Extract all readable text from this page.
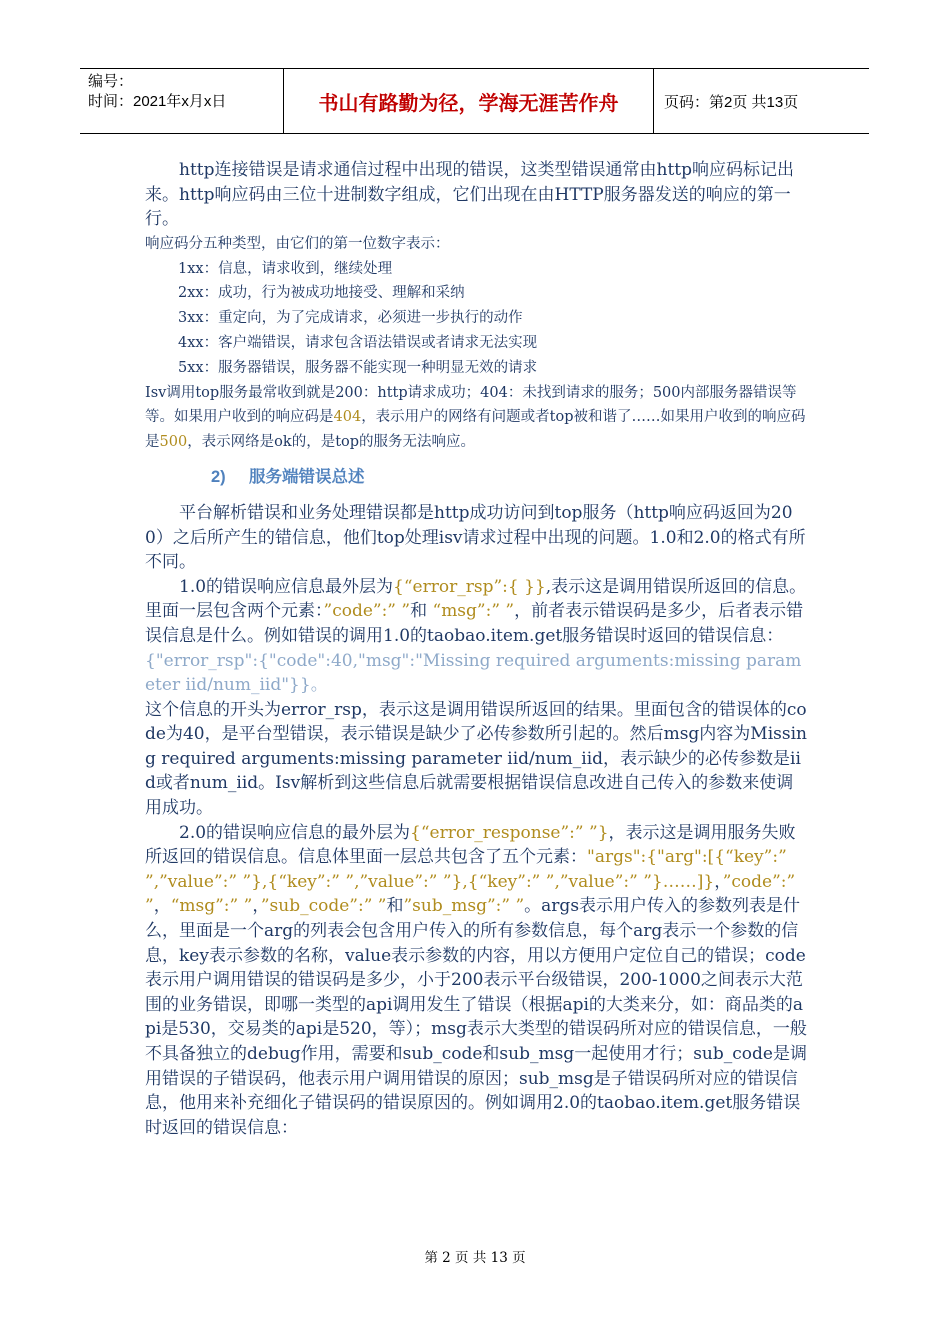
编号：
时间：2021年x月x日	书山有路勤为径，学海无涯苦作舟	页码：第2页 共13页

http连接错误是请求通信过程中出现的错误，这类型错误通常由http响应码标记出来。http响应码由三位十进制数字组成，它们出现在由HTTP服务器发送的响应的第一行。

响应码分五种类型，由它们的第一位数字表示：

1xx：信息，请求收到，继续处理

2xx：成功，行为被成功地接受、理解和采纳

3xx：重定向，为了完成请求，必须进一步执行的动作

4xx：客户端错误，请求包含语法错误或者请求无法实现

5xx：服务器错误，服务器不能实现一种明显无效的请求

Isv调用top服务最常收到就是200：http请求成功；404：未找到请求的服务；500内部服务器错误等等。如果用户收到的响应码是404，表示用户的网络有问题或者top被和谐了……如果用户收到的响应码是500，表示网络是ok的，是top的服务无法响应。

2) 服务端错误总述

平台解析错误和业务处理错误都是http成功访问到top服务（http响应码返回为200）之后所产生的错信息，他们top处理isv请求过程中出现的问题。1.0和2.0的格式有所不同。

1.0的错误响应信息最外层为{“error_rsp”:{ }},表示这是调用错误所返回的信息。里面一层包含两个元素：”code”:” ”和 “msg”:” ”，前者表示错误码是多少，后者表示错误信息是什么。例如错误的调用1.0的taobao.item.get服务错误时返回的错误信息：

{"error_rsp":{"code":40,"msg":"Missing required arguments:missing parameter iid/num_iid"}}。

这个信息的开头为error_rsp，表示这是调用错误所返回的结果。里面包含的错误体的code为40，是平台型错误，表示错误是缺少了必传参数所引起的。然后msg内容为Missing required arguments:missing parameter iid/num_iid，表示缺少的必传参数是iid或者num_iid。Isv解析到这些信息后就需要根据错误信息改进自己传入的参数来使调用成功。

2.0的错误响应信息的最外层为{“error_response”:” ”}，表示这是调用服务失败所返回的错误信息。信息体里面一层总共包含了五个元素："args":{"arg":[{“key”:” ”,”value”:” ”},{“key”:” ”,”value”:” ”},{“key”:” ”,”value”:” ”}……]}，”code”:” ”，“msg”:” ”，”sub_code”:” ”和”sub_msg”:” ”。args表示用户传入的参数列表是什么，里面是一个arg的列表会包含用户传入的所有参数信息，每个arg表示一个参数的信息，key表示参数的名称，value表示参数的内容，用以方便用户定位自己的错误；code表示用户调用错误的错误码是多少，小于200表示平台级错误，200-1000之间表示大范围的业务错误，即哪一类型的api调用发生了错误（根据api的大类来分，如：商品类的api是530，交易类的api是520，等）；msg表示大类型的错误码所对应的错误信息，一般不具备独立的debug作用，需要和sub_code和sub_msg一起使用才行；sub_code是调用错误的子错误码，他表示用户调用错误的原因；sub_msg是子错误码所对应的错误信息，他用来补充细化子错误码的错误原因的。例如调用2.0的taobao.item.get服务错误时返回的错误信息：

第 2 页 共 13 页
